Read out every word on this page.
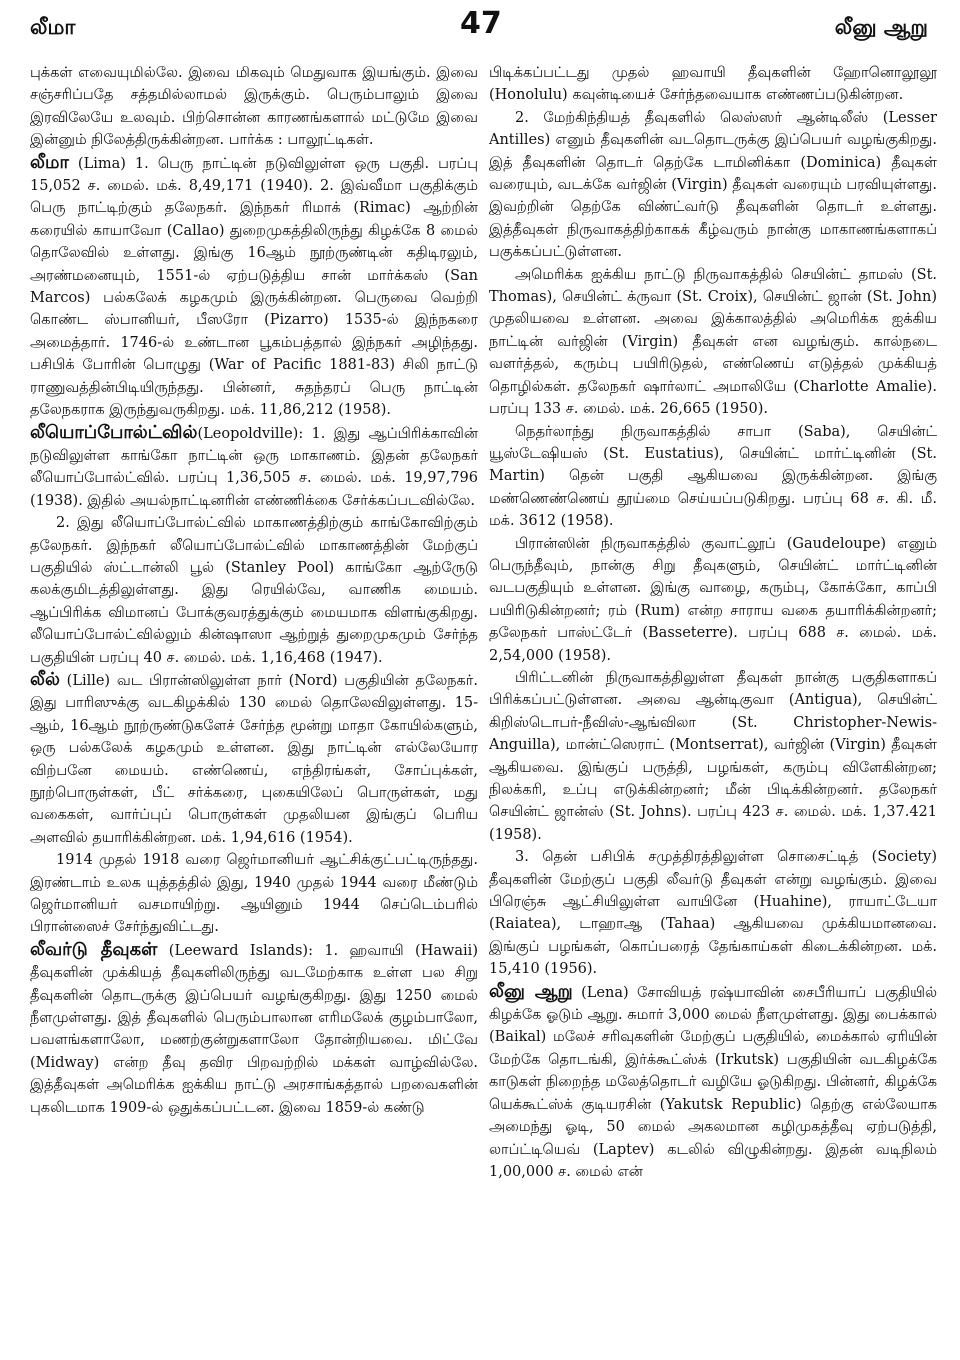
லீமா	47	லீனு ஆறு

புக்கள் எவையுமில்லே. இவை மிகவும் மெதுவாக இயங்கும். இவை சஞ்சரிப்பதே சத்தமில்லாமல் இருக்கும். பெரும்பாலும் இவை இரவிலேயே உலவும். பிற்சொன்ன காரணங்களால் மட்டுமே இவை இன்னும் நிலேத்திருக்கின்றன. பார்க்க : பாலூட்டிகள்.

லீமா (Lima) 1. பெரு நாட்டின் நடுவிலுள்ள ஒரு பகுதி. பரப்பு 15,052 ச. மைல். மக். 8,49,171 (1940). 2. இவ்வீமா பகுதிக்கும் பெரு நாட்டிற்கும் தலேநகர். இந்நகர் ரிமாக் (Rimac) ஆற்றின் கரையில் காயாவோ (Callao) துறைமுகத்திலிருந்து கிழக்கே 8 மைல் தொலேவில் உள்ளது. இங்கு 16ஆம் நூற்ருண்டின் கதிடிரலும், அரண்மனையும், 1551-ல் ஏற்படுத்திய சான் மார்க்கஸ் (San Marcos) பல்கலேக் கழகமும் இருக்கின்றன. பெருவை வெற்றி கொண்ட ஸ்பானியர், பீஸரோ (Pizarro) 1535-ல் இந்நகரை அமைத்தார். 1746-ல் உண்டான பூகம்பத்தால் இந்நகர் அழிந்தது. பசிபிக் போரின் பொழுது (War of Pacific 1881-83) சிலி நாட்டு ராணுவத்தின்பிடியிருந்தது. பின்னர், சுதந்தரப் பெரு நாட்டின் தலேநகராக இருந்துவருகிறது. மக். 11,86,212 (1958).

லீயொப்போல்ட்வில்(Leopoldville): 1. இது ஆப்பிரிக்காவின் நடுவிலுள்ள காங்கோ நாட்டின் ஒரு மாகாணம். இதன் தலேநகர் லீயொப்போல்ட்வில். பரப்பு 1,36,505 ச. மைல். மக். 19,97,796 (1938). இதில் அயல்நாட்டினரின் எண்ணிக்கை சேர்க்கப்படவில்லே.

2. இது லீயொப்போல்ட்வில் மாகாணத்திற்கும் காங்கோவிற்கும் தலேநகர். இந்நகர் லீயொப்போல்ட்வில் மாகாணத்தின் மேற்குப் பகுதியில் ஸ்ட்டான்லி பூல் (Stanley Pool) காங்கோ ஆற்ருேடு கலக்குமிடத்திலுள்ளது. இது ரெயில்வே, வாணிக மையம். ஆப்பிரிக்க விமானப் போக்குவரத்துக்கும் மையமாக விளங்குகிறது. லீயொப்போல்ட்வில்லும் கின்ஷாஸா ஆற்றுத் துறைமுகமும் சேர்ந்த பகுதியின் பரப்பு 40 ச. மைல். மக். 1,16,468 (1947).

லீல் (Lille) வட பிரான்ஸிலுள்ள நார் (Nord) பகுதியின் தலேநகர். இது பாரிஸுக்கு வடகிழக்கில் 130 மைல் தொலேவிலுள்ளது. 15-ஆம், 16ஆம் நூற்ருண்டுகளேச் சேர்ந்த மூன்று மாதா கோயில்களும், ஒரு பல்கலேக் கழகமும் உள்ளன. இது நாட்டின் எல்லேயோர விற்பனே மையம். எண்ணெய், எந்திரங்கள், சோப்புக்கள், நூற்பொருள்கள், பீட் சர்க்கரை, புகையிலேப் பொருள்கள், மது வகைகள், வார்ப்புப் பொருள்கள் முதலியன இங்குப் பெரிய அளவில் தயாரிக்கின்றன. மக். 1,94,616 (1954).

1914 முதல் 1918 வரை ஜெர்மானியர் ஆட்சிக்குட்பட்டிருந்தது. இரண்டாம் உலக யுத்தத்தில் இது, 1940 முதல் 1944 வரை மீண்டும் ஜெர்மானியர் வசமாயிற்று. ஆயினும் 1944 செப்டெம்பரில் பிரான்ஸைச் சேர்ந்துவிட்டது.

லீவர்டு தீவுகள் (Leeward Islands): 1. ஹவாயி (Hawaii) தீவுகளின் முக்கியத் தீவுகளிலிருந்து வடமேற்காக உள்ள பல சிறு தீவுகளின் தொடருக்கு இப்பெயர் வழங்குகிறது. இது 1250 மைல் நீளமுள்ளது. இத் தீவுகளில் பெரும்பாலான எரிமலேக் குழம்பாலோ, பவளங்களாலோ, மணற்குன்றுகளாலோ தோன்றியவை. மிட்வே (Midway) என்ற தீவு தவிர பிறவற்றில் மக்கள் வாழ்வில்லே. இத்தீவுகள் அமெரிக்க ஐக்கிய நாட்டு அரசாங்கத்தால் பறவைகளின் புகலிடமாக 1909-ல் ஒதுக்கப்பட்டன. இவை 1859-ல் கண்டு

பிடிக்கப்பட்டது முதல் ஹவாயி தீவுகளின் ஹோனொலூலூ (Honolulu) கவுன்டியைச் சேர்ந்தவையாக எண்ணப்படுகின்றன.

2. மேற்கிந்தியத் தீவுகளில் லெஸ்ஸர் ஆன்டிலீஸ் (Lesser Antilles) எனும் தீவுகளின் வடதொடருக்கு இப்பெயர் வழங்குகிறது. இத் தீவுகளின் தொடர் தெற்கே டாமினிக்கா (Dominica) தீவுகள் வரையும், வடக்கே வர்ஜின் (Virgin) தீவுகள் வரையும் பரவியுள்ளது. இவற்றின் தெற்கே விண்ட்வர்டு தீவுகளின் தொடர் உள்ளது. இத்தீவுகள் நிருவாகத்திற்காகக் கீழ்வரும் நான்கு மாகாணங்களாகப் பகுக்கப்பட்டுள்ளன.

அமெரிக்க ஐக்கிய நாட்டு நிருவாகத்தில் செயின்ட் தாமஸ் (St. Thomas), செயின்ட் க்ருவா (St. Croix), செயின்ட் ஜான் (St. John) முதலியவை உள்ளன. அவை இக்காலத்தில் அமெரிக்க ஐக்கிய நாட்டின் வர்ஜின் (Virgin) தீவுகள் என வழங்கும். கால்நடை வளர்த்தல், கரும்பு பயிரிடுதல், எண்ணெய் எடுத்தல் முக்கியத் தொழில்கள். தலேநகர் ஷார்லாட் அமாலியே (Charlotte Amalie). பரப்பு 133 ச. மைல். மக். 26,665 (1950).

நெதர்லாந்து நிருவாகத்தில் சாபா (Saba), செயின்ட் யூஸ்டேஷியஸ் (St. Eustatius), செயின்ட் மார்ட்டினின் (St. Martin) தென் பகுதி ஆகியவை இருக்கின்றன. இங்கு மண்ணெண்ணெய் தூய்மை செய்யப்படுகிறது. பரப்பு 68 ச. கி. மீ. மக். 3612 (1958).

பிரான்ஸின் நிருவாகத்தில் குவாட்லூப் (Gaudeloupe) எனும் பெருந்தீவும், நான்கு சிறு தீவுகளும், செயின்ட் மார்ட்டினின் வடபகுதியும் உள்ளன. இங்கு வாழை, கரும்பு, கோக்கோ, காப்பி பயிரிடுகின்றனர்; ரம் (Rum) என்ற சாராய வகை தயாரிக்கின்றனர்; தலேநகர் பாஸ்ட்டேர் (Basseterre). பரப்பு 688 ச. மைல். மக். 2,54,000 (1958).

பிரிட்டனின் நிருவாகத்திலுள்ள தீவுகள் நான்கு பகுதிகளாகப் பிரிக்கப்பட்டுள்ளன. அவை ஆன்டிகுவா (Antigua), செயின்ட் கிறிஸ்டொபர்-நீவிஸ்-ஆங்விலா (St. Christopher-Newis-Anguilla), மான்ட்ஸெராட் (Montserrat), வர்ஜின் (Virgin) தீவுகள் ஆகியவை. இங்குப் பருத்தி, பழங்கள், கரும்பு விளேகின்றன; நிலக்கரி, உப்பு எடுக்கின்றனர்; மீன் பிடிக்கின்றனர். தலேநகர் செயின்ட் ஜான்ஸ் (St. Johns). பரப்பு 423 ச. மைல். மக். 1,37.421 (1958).

3. தென் பசிபிக் சமுத்திரத்திலுள்ள சொசைட்டித் (Society) தீவுகளின் மேற்குப் பகுதி லீவர்டு தீவுகள் என்று வழங்கும். இவை பிரெஞ்சு ஆட்சியிலுள்ள வாயினே (Huahine), ராயாட்டேயா (Raiatea), டாஹாஆ (Tahaa) ஆகியவை முக்கியமானவை. இங்குப் பழங்கள், கொப்பரைத் தேங்காய்கள் கிடைக்கின்றன. மக். 15,410 (1956).

லீனு ஆறு (Lena) சோவியத் ரஷ்யாவின் சைபீரியாப் பகுதியில் கிழக்கே ஓடும் ஆறு. சுமார் 3,000 மைல் நீளமுள்ளது. இது பைக்கால் (Baikal) மலேச் சரிவுகளின் மேற்குப் பகுதியில், மைக்கால் ஏரியின் மேற்கே தொடங்கி, இர்க்கூட்ஸ்க் (Irkutsk) பகுதியின் வடகிழக்கே காடுகள் நிறைந்த மலேத்தொடர் வழியே ஓடுகிறது. பின்னர், கிழக்கே யெக்கூட்ஸ்க் குடியரசின் (Yakutsk Republic) தெற்கு எல்லேயாக அமைந்து ஓடி, 50 மைல் அகலமான கழிமுகத்தீவு ஏற்படுத்தி, லாப்ட்டியெவ் (Laptev) கடலில் விழுகின்றது. இதன் வடிநிலம் 1,00,000 ச. மைல் என்
